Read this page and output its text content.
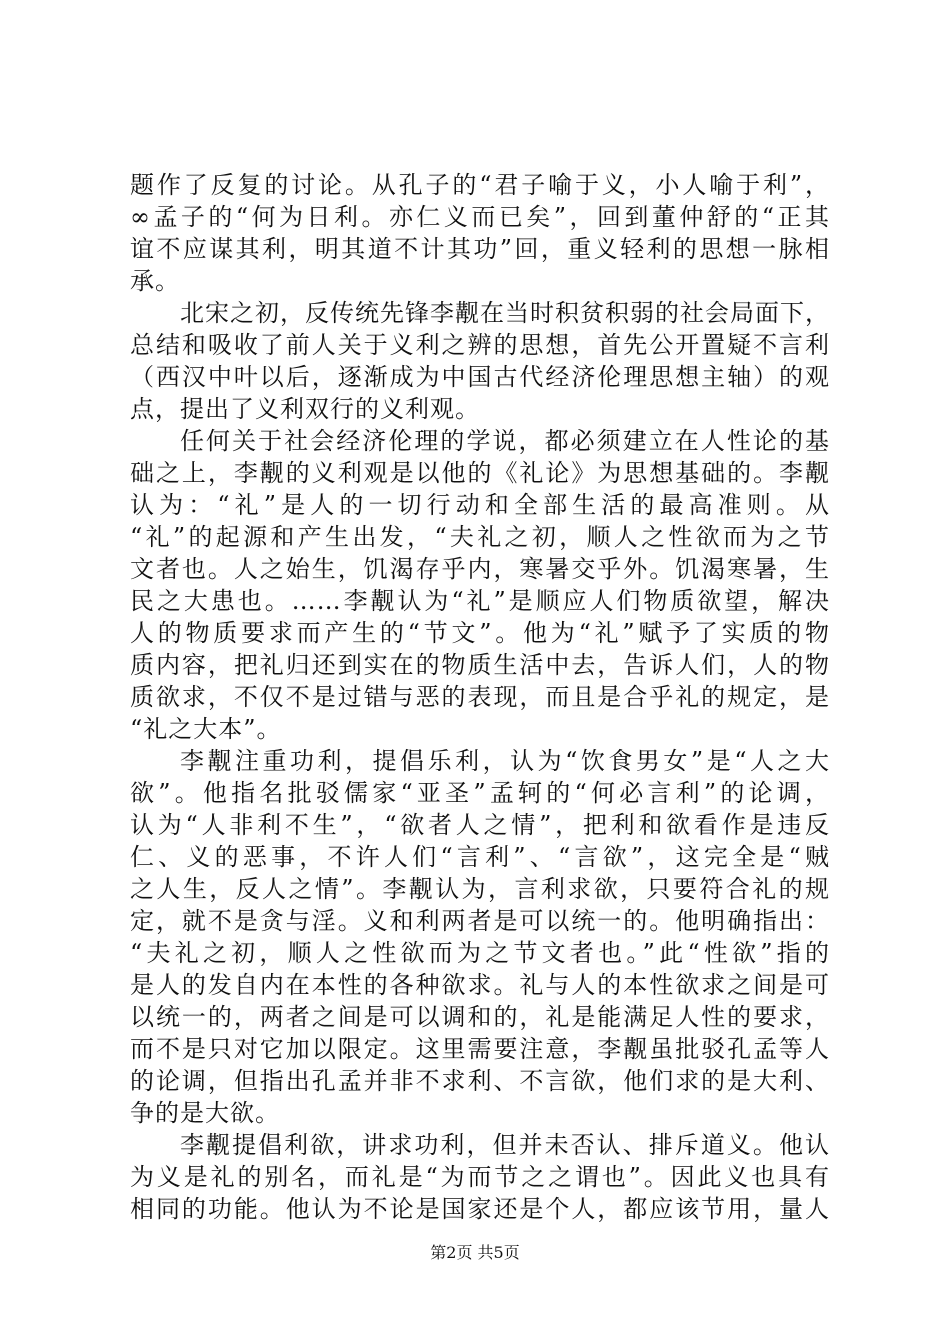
题作了反复的讨论。从孔子的“君子喻于义，小人喻于利”，
∞孟子的“何为日利。亦仁义而已矣”，回到董仲舒的“正其
谊不应谋其利，明其道不计其功”回，重义轻利的思想一脉相
承。
北宋之初，反传统先锋李觏在当时积贫积弱的社会局面下，
总结和吸收了前人关于义利之辨的思想，首先公开置疑不言利
（西汉中叶以后，逐渐成为中国古代经济伦理思想主轴）的观
点，提出了义利双行的义利观。
任何关于社会经济伦理的学说，都必须建立在人性论的基
础之上，李觏的义利观是以他的《礼论》为思想基础的。李觏
认为：“礼”是人的一切行动和全部生活的最高准则。从
“礼”的起源和产生出发，“夫礼之初，顺人之性欲而为之节
文者也。人之始生，饥渴存乎内，寒暑交乎外。饥渴寒暑，生
民之大患也。……李觏认为“礼”是顺应人们物质欲望，解决
人的物质要求而产生的“节文”。他为“礼”赋予了实质的物
质内容，把礼归还到实在的物质生活中去，告诉人们，人的物
质欲求，不仅不是过错与恶的表现，而且是合乎礼的规定，是
“礼之大本”。
李觏注重功利，提倡乐利，认为“饮食男女”是“人之大
欲”。他指名批驳儒家“亚圣”孟轲的“何必言利”的论调，
认为“人非利不生”，“欲者人之情”，把利和欲看作是违反
仁、义的恶事，不许人们“言利”、“言欲”，这完全是“贼
之人生，反人之情”。李觏认为，言利求欲，只要符合礼的规
定，就不是贪与淫。义和利两者是可以统一的。他明确指出：
“夫礼之初，顺人之性欲而为之节文者也。”此“性欲”指的
是人的发自内在本性的各种欲求。礼与人的本性欲求之间是可
以统一的，两者之间是可以调和的，礼是能满足人性的要求，
而不是只对它加以限定。这里需要注意，李觏虽批驳孔孟等人
的论调，但指出孔孟并非不求利、不言欲，他们求的是大利、
争的是大欲。
李觏提倡利欲，讲求功利，但并未否认、排斥道义。他认
为义是礼的别名，而礼是“为而节之之谓也”。因此义也具有
相同的功能。他认为不论是国家还是个人，都应该节用，量人
第2页 共5页
